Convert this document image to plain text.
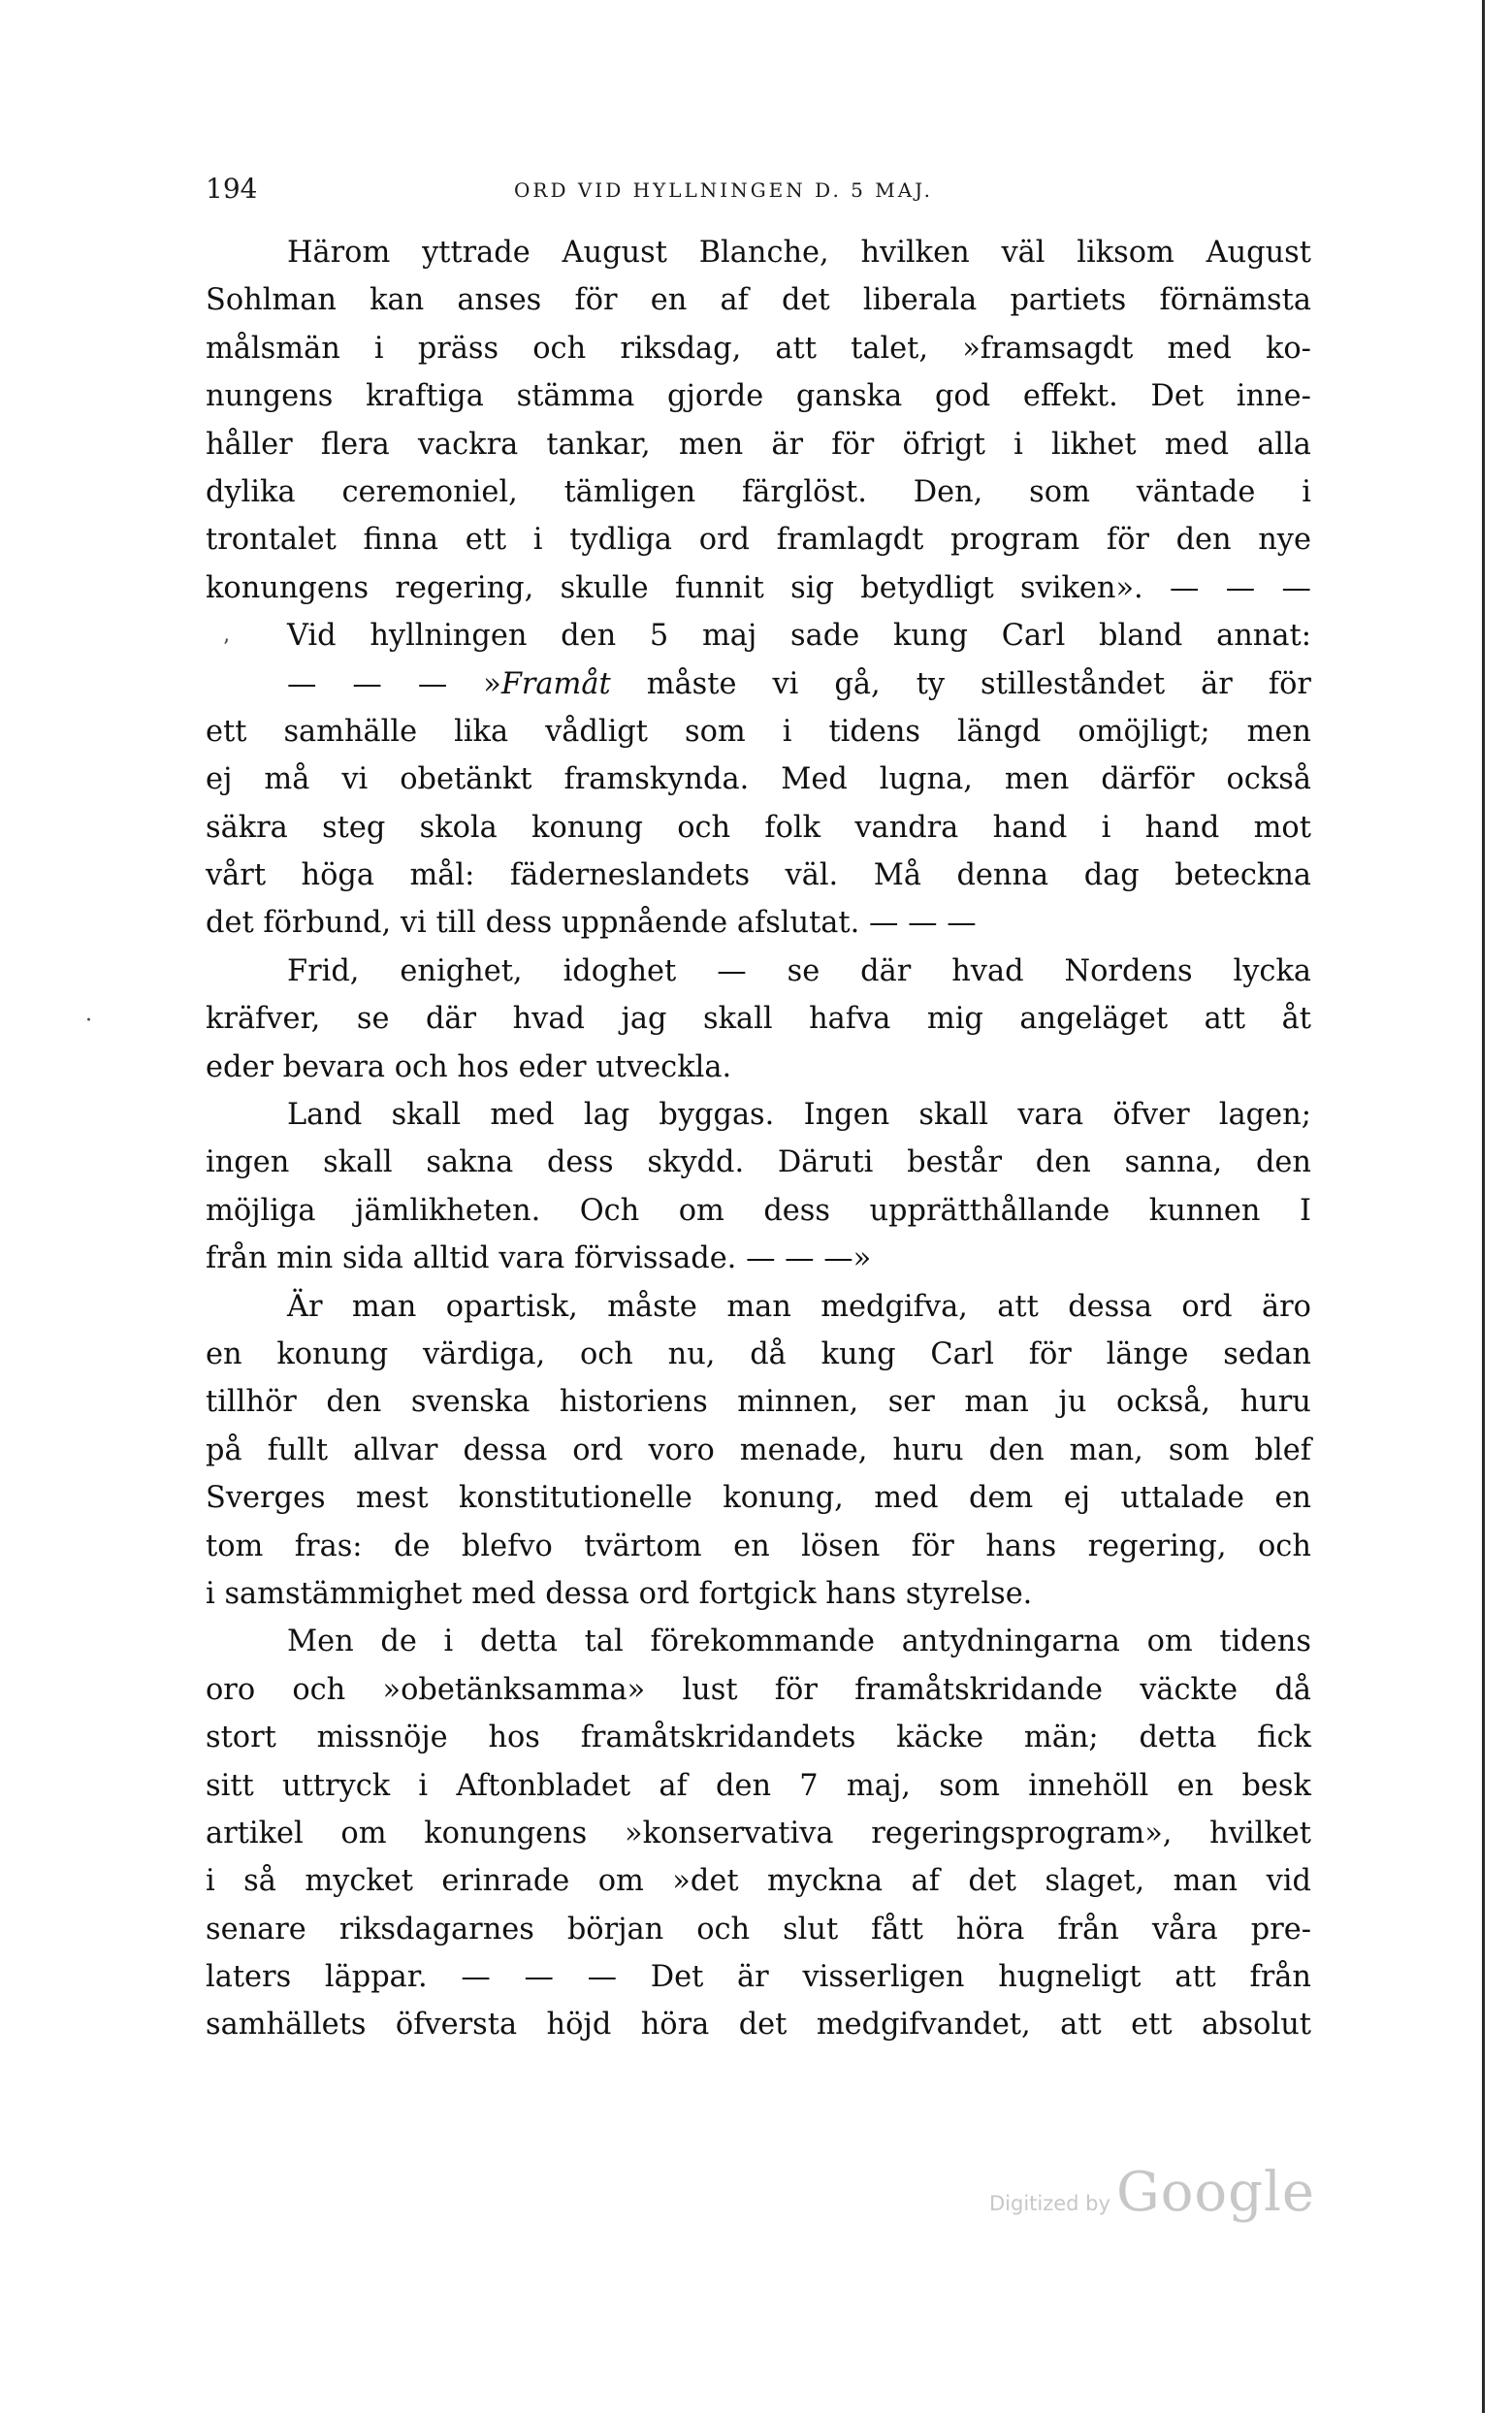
194	ORD VID HYLLNINGEN D. 5 MAJ.
Härom yttrade August Blanche, hvilken väl liksom August
Sohlman kan anses för en af det liberala partiets förnämsta
målsmän i präss och riksdag, att talet, »framsagdt med ko-
nungens kraftiga stämma gjorde ganska god effekt. Det inne-
håller flera vackra tankar, men är för öfrigt i likhet med alla
dylika ceremoniel, tämligen färglöst. Den, som väntade i
trontalet finna ett i tydliga ord framlagdt program för den nye
konungens regering, skulle funnit sig betydligt sviken». — — —
Vid hyllningen den 5 maj sade kung Carl bland annat:
— — — »Framåt måste vi gå, ty stilleståndet är för
ett samhälle lika vådligt som i tidens längd omöjligt; men
ej må vi obetänkt framskynda. Med lugna, men därför också
säkra steg skola konung och folk vandra hand i hand mot
vårt höga mål: fäderneslandets väl. Må denna dag beteckna
det förbund, vi till dess uppnående afslutat. — — —
Frid, enighet, idoghet — se där hvad Nordens lycka
kräfver, se där hvad jag skall hafva mig angeläget att åt
eder bevara och hos eder utveckla.
Land skall med lag byggas. Ingen skall vara öfver lagen;
ingen skall sakna dess skydd. Däruti består den sanna, den
möjliga jämlikheten. Och om dess upprätthållande kunnen I
från min sida alltid vara förvissade. — — —»
Är man opartisk, måste man medgifva, att dessa ord äro
en konung värdiga, och nu, då kung Carl för länge sedan
tillhör den svenska historiens minnen, ser man ju också, huru
på fullt allvar dessa ord voro menade, huru den man, som blef
Sverges mest konstitutionelle konung, med dem ej uttalade en
tom fras: de blefvo tvärtom en lösen för hans regering, och
i samstämmighet med dessa ord fortgick hans styrelse.
Men de i detta tal förekommande antydningarna om tidens
oro och »obetänksamma» lust för framåtskridande väckte då
stort missnöje hos framåtskridandets käcke män; detta fick
sitt uttryck i Aftonbladet af den 7 maj, som innehöll en besk
artikel om konungens »konservativa regeringsprogram», hvilket
i så mycket erinrade om »det myckna af det slaget, man vid
senare riksdagarnes början och slut fått höra från våra pre-
laters läppar. — — — Det är visserligen hugneligt att från
samhällets öfversta höjd höra det medgifvandet, att ett absolut
ʼ
·
Digitized by Google
